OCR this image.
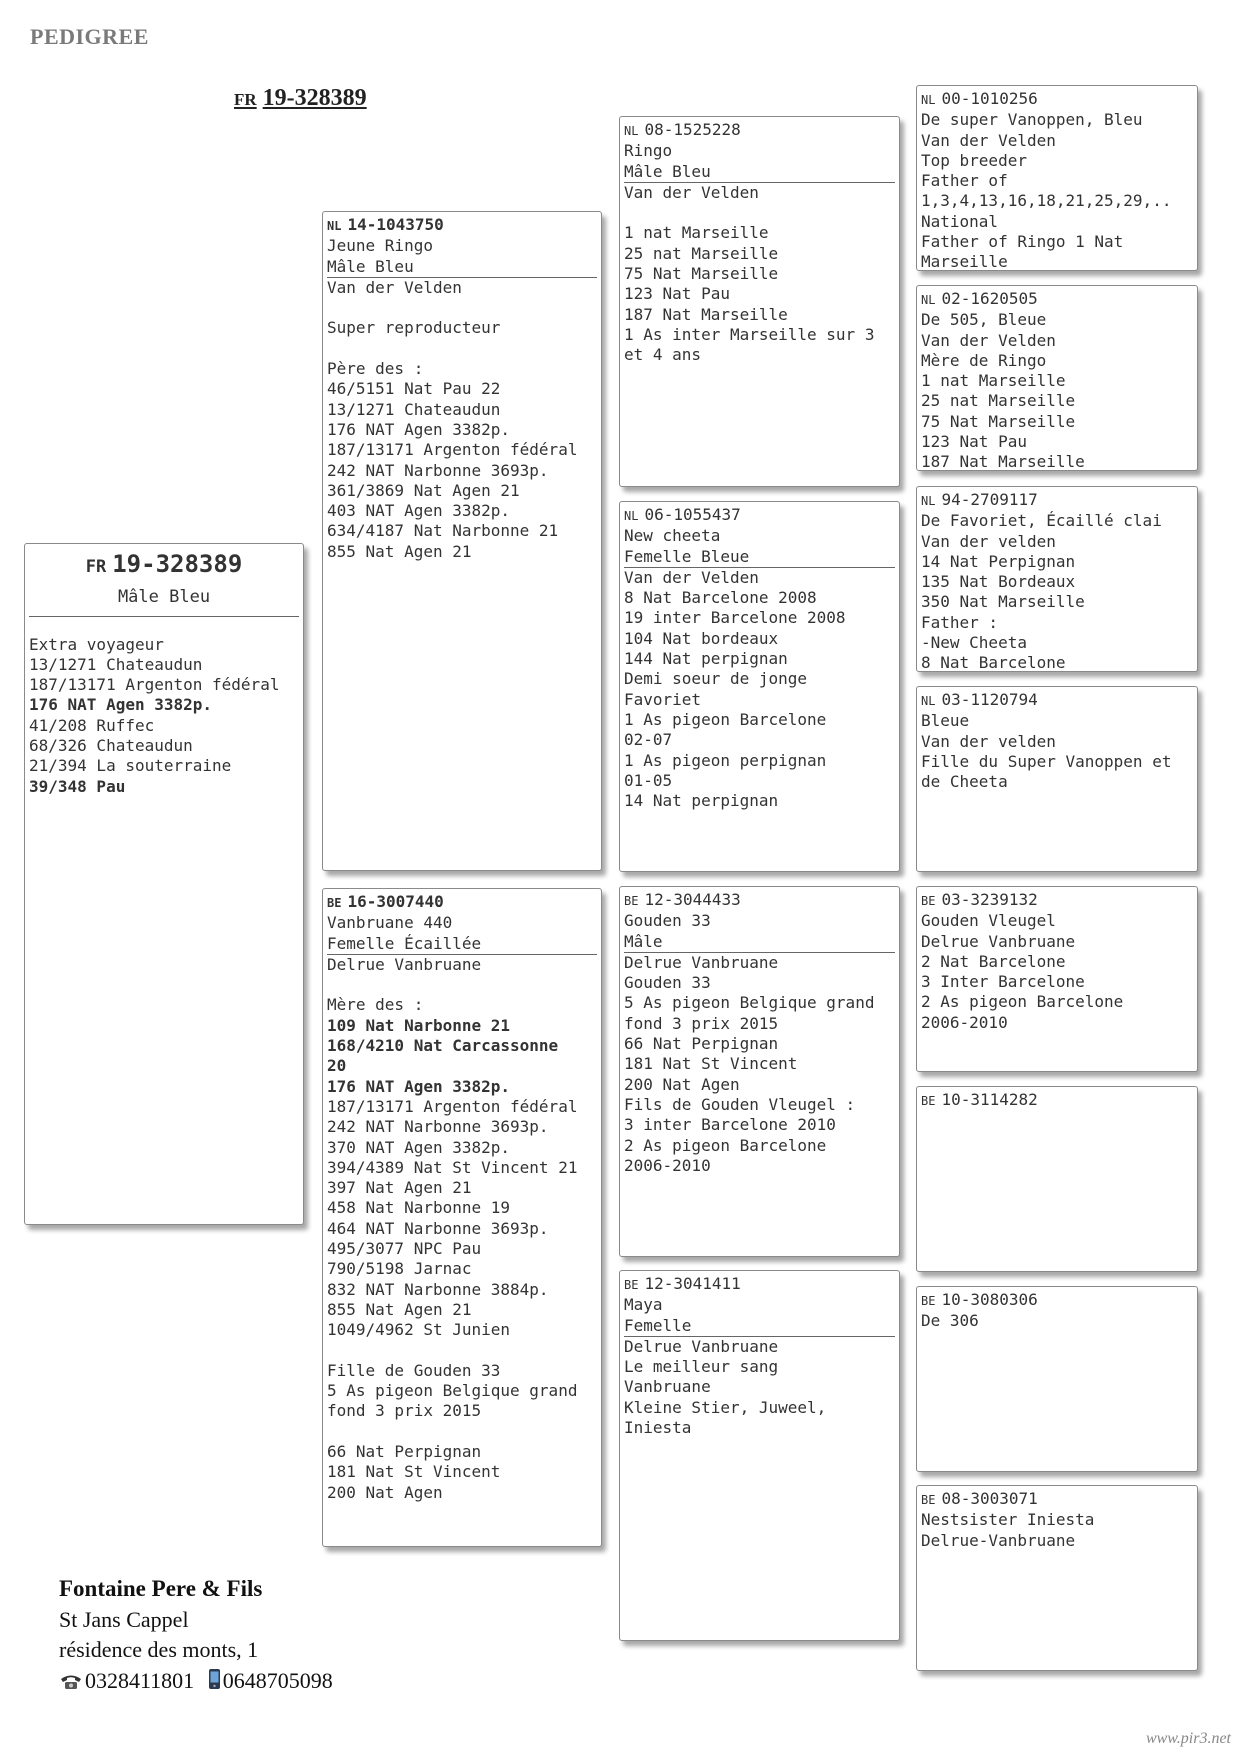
PEDIGREE
FR 19-328389
FR 19-328389
Mâle Bleu
Extra voyageur
13/1271 Chateaudun
187/13171 Argenton fédéral
176 NAT Agen 3382p.
41/208 Ruffec
68/326 Chateaudun
21/394 La souterraine
39/348 Pau
NL 14-1043750
Jeune Ringo
Mâle Bleu
Van der Velden
Super reproducteur
Père des :
46/5151 Nat Pau 22
13/1271 Chateaudun
176 NAT Agen 3382p.
187/13171 Argenton fédéral
242 NAT Narbonne 3693p.
361/3869 Nat Agen 21
403 NAT Agen 3382p.
634/4187 Nat Narbonne 21
855 Nat Agen 21
BE 16-3007440
Vanbruane 440
Femelle Écaillée
Delrue Vanbruane
Mère des :
109 Nat Narbonne 21
168/4210 Nat Carcassonne
20
176 NAT Agen 3382p.
187/13171 Argenton fédéral
242 NAT Narbonne 3693p.
370 NAT Agen 3382p.
394/4389 Nat St Vincent 21
397 Nat Agen 21
458 Nat Narbonne 19
464 NAT Narbonne 3693p.
495/3077 NPC Pau
790/5198 Jarnac
832 NAT Narbonne 3884p.
855 Nat Agen 21
1049/4962 St Junien
Fille de Gouden 33
5 As pigeon Belgique grand
fond 3 prix 2015
66 Nat Perpignan
181 Nat St Vincent
200 Nat Agen
NL 08-1525228
Ringo
Mâle Bleu
Van der Velden
1 nat Marseille
25 nat Marseille
75 Nat Marseille
123 Nat Pau
187 Nat Marseille
1 As inter Marseille sur 3
et 4 ans
NL 06-1055437
New cheeta
Femelle Bleue
Van der Velden
8 Nat Barcelone 2008
19 inter Barcelone 2008
104 Nat bordeaux
144 Nat perpignan
Demi soeur de jonge
Favoriet
1 As pigeon Barcelone
02-07
1 As pigeon perpignan
01-05
14 Nat perpignan
BE 12-3044433
Gouden 33
Mâle
Delrue Vanbruane
Gouden 33
5 As pigeon Belgique grand
fond 3 prix 2015
66 Nat Perpignan
181 Nat St Vincent
200 Nat Agen
Fils de Gouden Vleugel :
3 inter Barcelone 2010
2 As pigeon Barcelone
2006-2010
BE 12-3041411
Maya
Femelle
Delrue Vanbruane
Le meilleur sang
Vanbruane
Kleine Stier, Juweel,
Iniesta
NL 00-1010256
De super Vanoppen, Bleu
Van der Velden
Top breeder
Father of
1,3,4,13,16,18,21,25,29,..
National
Father of Ringo 1 Nat
Marseille
NL 02-1620505
De 505, Bleue
Van der Velden
Mère de Ringo
1 nat Marseille
25 nat Marseille
75 Nat Marseille
123 Nat Pau
187 Nat Marseille
NL 94-2709117
De Favoriet, Écaillé clai
Van der velden
14 Nat Perpignan
135 Nat Bordeaux
350 Nat Marseille
Father :
-New Cheeta
8 Nat Barcelone
NL 03-1120794
Bleue
Van der velden
Fille du Super Vanoppen et
de Cheeta
BE 03-3239132
Gouden Vleugel
Delrue Vanbruane
2 Nat Barcelone
3 Inter Barcelone
2 As pigeon Barcelone
2006-2010
BE 10-3114282
BE 10-3080306
De 306
BE 08-3003071
Nestsister Iniesta
Delrue-Vanbruane
Fontaine Pere & Fils
St Jans Cappel
résidence des monts, 1
0328411801 0648705098
www.pir3.net
